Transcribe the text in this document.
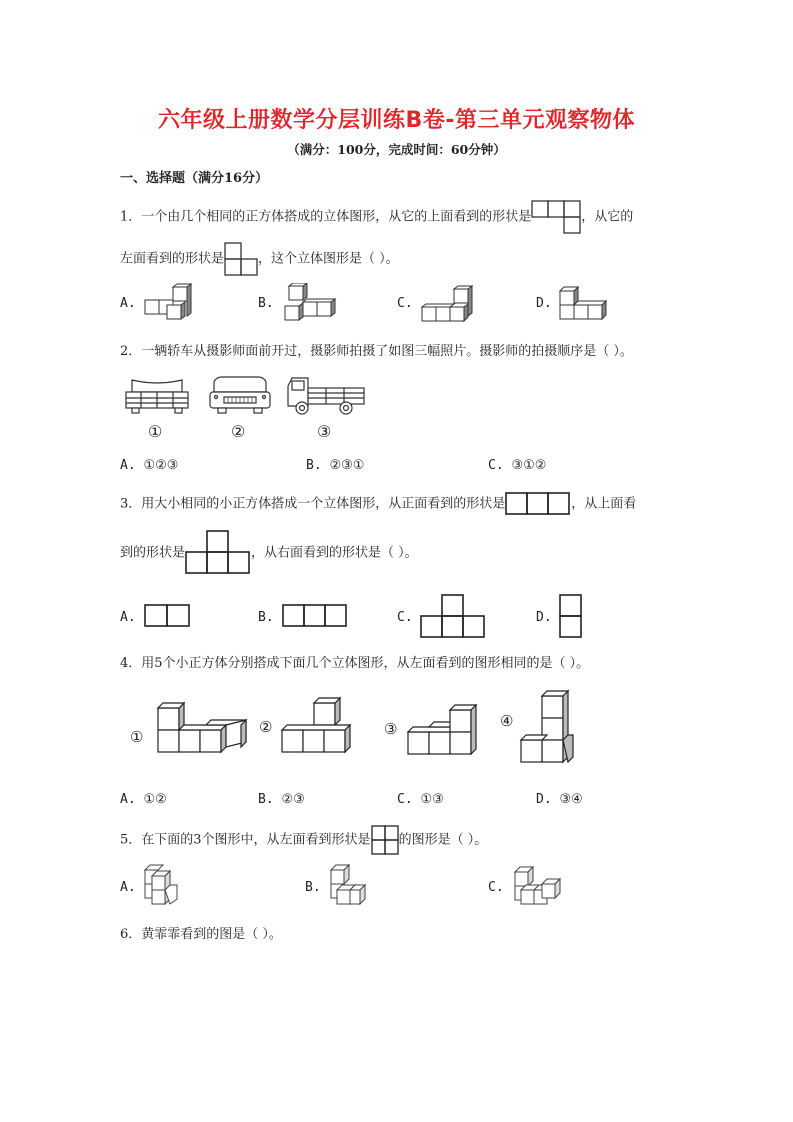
六年级上册数学分层训练B卷-第三单元观察物体
（满分：100分，完成时间：60分钟）
一、选择题（满分16分）
1．一个由几个相同的正方体搭成的立体图形，从它的上面看到的形状是	，从它的
左面看到的形状是	，这个立体图形是（ ）。
A.	B.	C.	D.
2．一辆轿车从摄影师面前开过，摄影师拍摄了如图三幅照片。摄影师的拍摄顺序是（ ）。
①	②	③
A. ①②③	B. ②③①	C. ③①②
3．用大小相同的小正方体搭成一个立体图形，从正面看到的形状是	，从上面看
到的形状是	，从右面看到的形状是（ ）。
A.	B.	C.	D.
4．用5个小正方体分别搭成下面几个立体图形，从左面看到的图形相同的是（ ）。
①
②	③	④
A. ①②	B. ②③	C. ①③	D. ③④
5．在下面的3个图形中，从左面看到形状是 的图形是（ ）。
A.	B.	C.
6．黄霏霏看到的图是（ ）。
